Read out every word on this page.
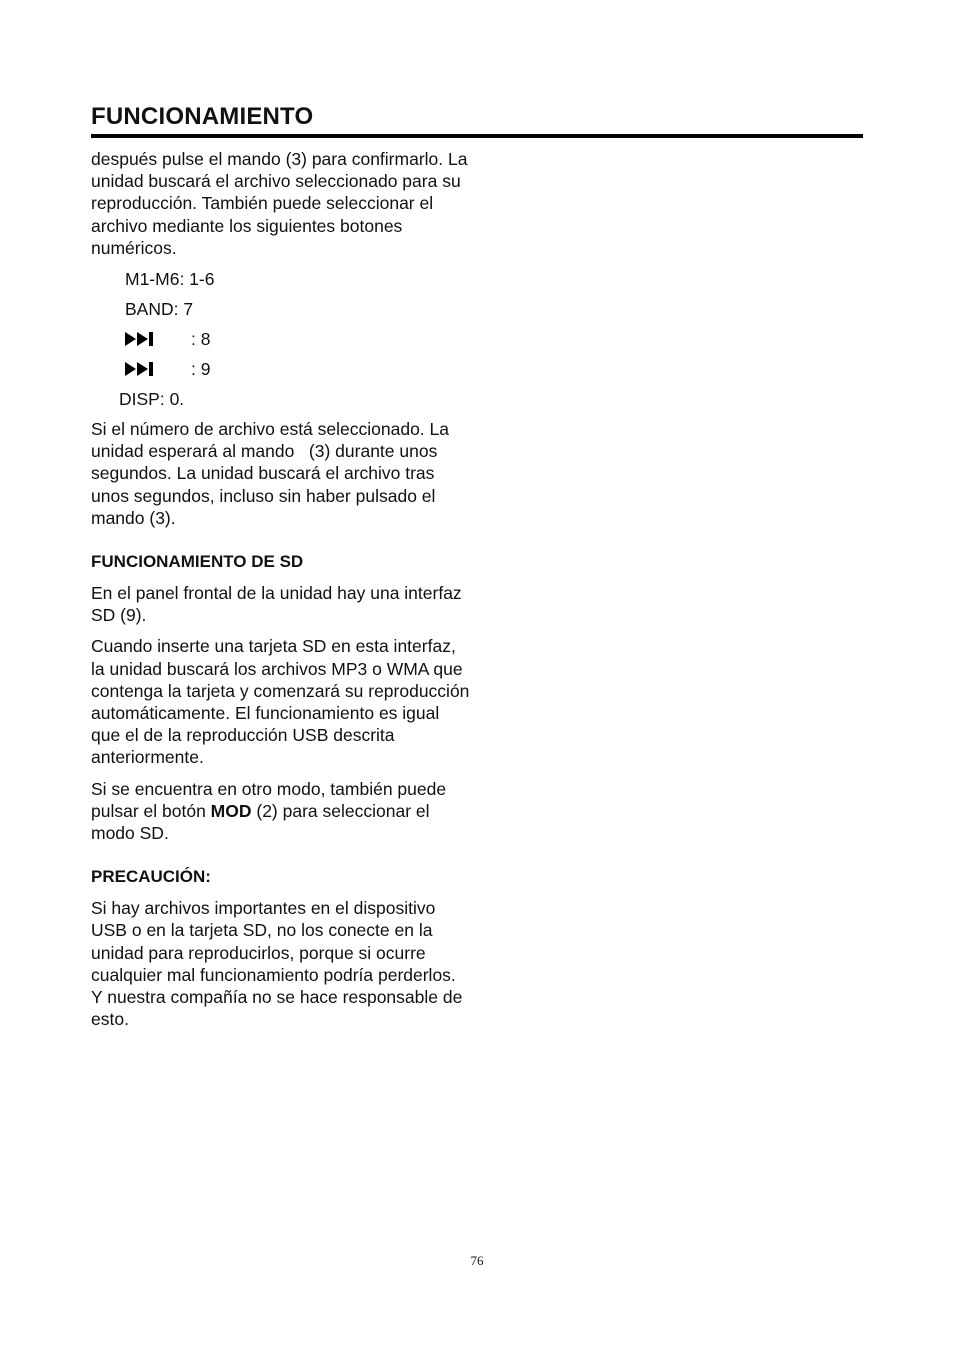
FUNCIONAMIENTO

después pulse el mando (3) para confirmarlo. La unidad buscará el archivo seleccionado para su reproducción. También puede seleccionar el archivo mediante los siguientes botones numéricos.

M1-M6: 1-6
BAND: 7
: 8
: 9
DISP: 0.

Si el número de archivo está seleccionado. La unidad esperará al mando   (3) durante unos segundos. La unidad buscará el archivo tras unos segundos, incluso sin haber pulsado el mando (3).

FUNCIONAMIENTO DE SD

En el panel frontal de la unidad hay una interfaz SD (9).

Cuando inserte una tarjeta SD en esta interfaz, la unidad buscará los archivos MP3 o WMA que contenga la tarjeta y comenzará su reproducción automáticamente. El funcionamiento es igual que el de la reproducción USB descrita anteriormente.

Si se encuentra en otro modo, también puede pulsar el botón MOD (2) para seleccionar el modo SD.

PRECAUCIÓN:

Si hay archivos importantes en el dispositivo USB o en la tarjeta SD, no los conecte en la unidad para reproducirlos, porque si ocurre cualquier mal funcionamiento podría perderlos. Y nuestra compañía no se hace responsable de esto.

76
